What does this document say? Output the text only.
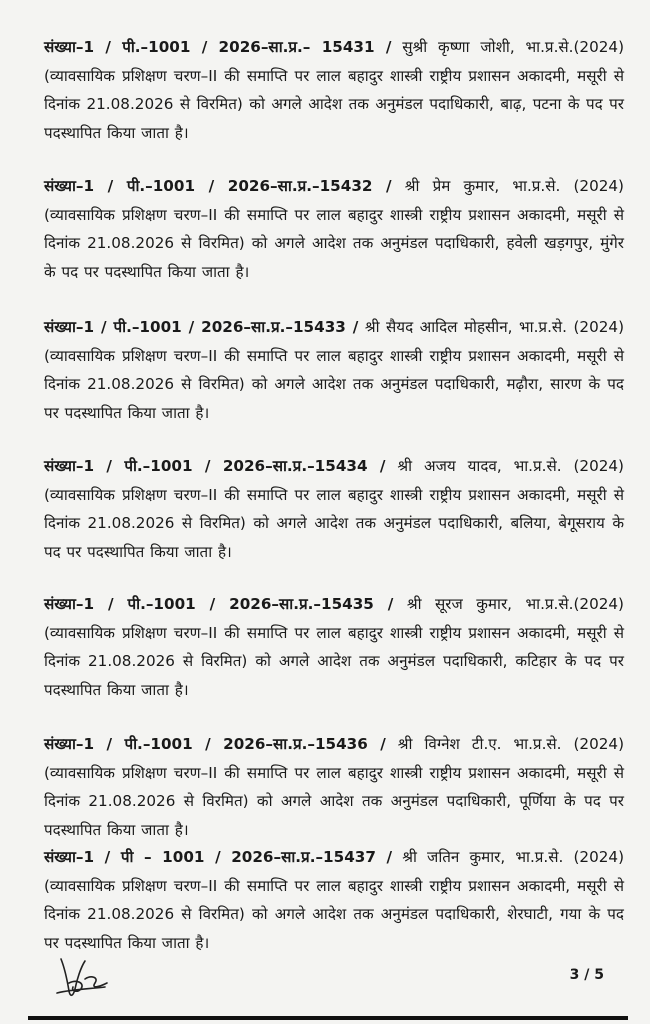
संख्या–1 / पी.–1001 / 2026–सा.प्र.– 15431 / सुश्री कृष्णा जोशी, भा.प्र.से.(2024) (व्यावसायिक प्रशिक्षण चरण–II की समाप्ति पर लाल बहादुर शास्त्री राष्ट्रीय प्रशासन अकादमी, मसूरी से दिनांक 21.08.2026 से विरमित) को अगले आदेश तक अनुमंडल पदाधिकारी, बाढ़, पटना के पद पर पदस्थापित किया जाता है।
संख्या–1 / पी.–1001 / 2026–सा.प्र.–15432 / श्री प्रेम कुमार, भा.प्र.से. (2024) (व्यावसायिक प्रशिक्षण चरण–II की समाप्ति पर लाल बहादुर शास्त्री राष्ट्रीय प्रशासन अकादमी, मसूरी से दिनांक 21.08.2026 से विरमित) को अगले आदेश तक अनुमंडल पदाधिकारी, हवेली खड़गपुर, मुंगेर के पद पर पदस्थापित किया जाता है।
संख्या–1 / पी.–1001 / 2026–सा.प्र.–15433 / श्री सैयद आदिल मोहसीन, भा.प्र.से. (2024) (व्यावसायिक प्रशिक्षण चरण–II की समाप्ति पर लाल बहादुर शास्त्री राष्ट्रीय प्रशासन अकादमी, मसूरी से दिनांक 21.08.2026 से विरमित) को अगले आदेश तक अनुमंडल पदाधिकारी, मढ़ौरा, सारण के पद पर पदस्थापित किया जाता है।
संख्या–1 / पी.–1001 / 2026–सा.प्र.–15434 / श्री अजय यादव, भा.प्र.से. (2024) (व्यावसायिक प्रशिक्षण चरण–II की समाप्ति पर लाल बहादुर शास्त्री राष्ट्रीय प्रशासन अकादमी, मसूरी से दिनांक 21.08.2026 से विरमित) को अगले आदेश तक अनुमंडल पदाधिकारी, बलिया, बेगूसराय के पद पर पदस्थापित किया जाता है।
संख्या–1 / पी.–1001 / 2026–सा.प्र.–15435 / श्री सूरज कुमार, भा.प्र.से.(2024) (व्यावसायिक प्रशिक्षण चरण–II की समाप्ति पर लाल बहादुर शास्त्री राष्ट्रीय प्रशासन अकादमी, मसूरी से दिनांक 21.08.2026 से विरमित) को अगले आदेश तक अनुमंडल पदाधिकारी, कटिहार के पद पर पदस्थापित किया जाता है।
संख्या–1 / पी.–1001 / 2026–सा.प्र.–15436 / श्री विग्नेश टी.ए. भा.प्र.से. (2024) (व्यावसायिक प्रशिक्षण चरण–II की समाप्ति पर लाल बहादुर शास्त्री राष्ट्रीय प्रशासन अकादमी, मसूरी से दिनांक 21.08.2026 से विरमित) को अगले आदेश तक अनुमंडल पदाधिकारी, पूर्णिया के पद पर पदस्थापित किया जाता है।
संख्या–1 / पी – 1001 / 2026–सा.प्र.–15437 / श्री जतिन कुमार, भा.प्र.से. (2024) (व्यावसायिक प्रशिक्षण चरण–II की समाप्ति पर लाल बहादुर शास्त्री राष्ट्रीय प्रशासन अकादमी, मसूरी से दिनांक 21.08.2026 से विरमित) को अगले आदेश तक अनुमंडल पदाधिकारी, शेरघाटी, गया के पद पर पदस्थापित किया जाता है।
3 / 5
